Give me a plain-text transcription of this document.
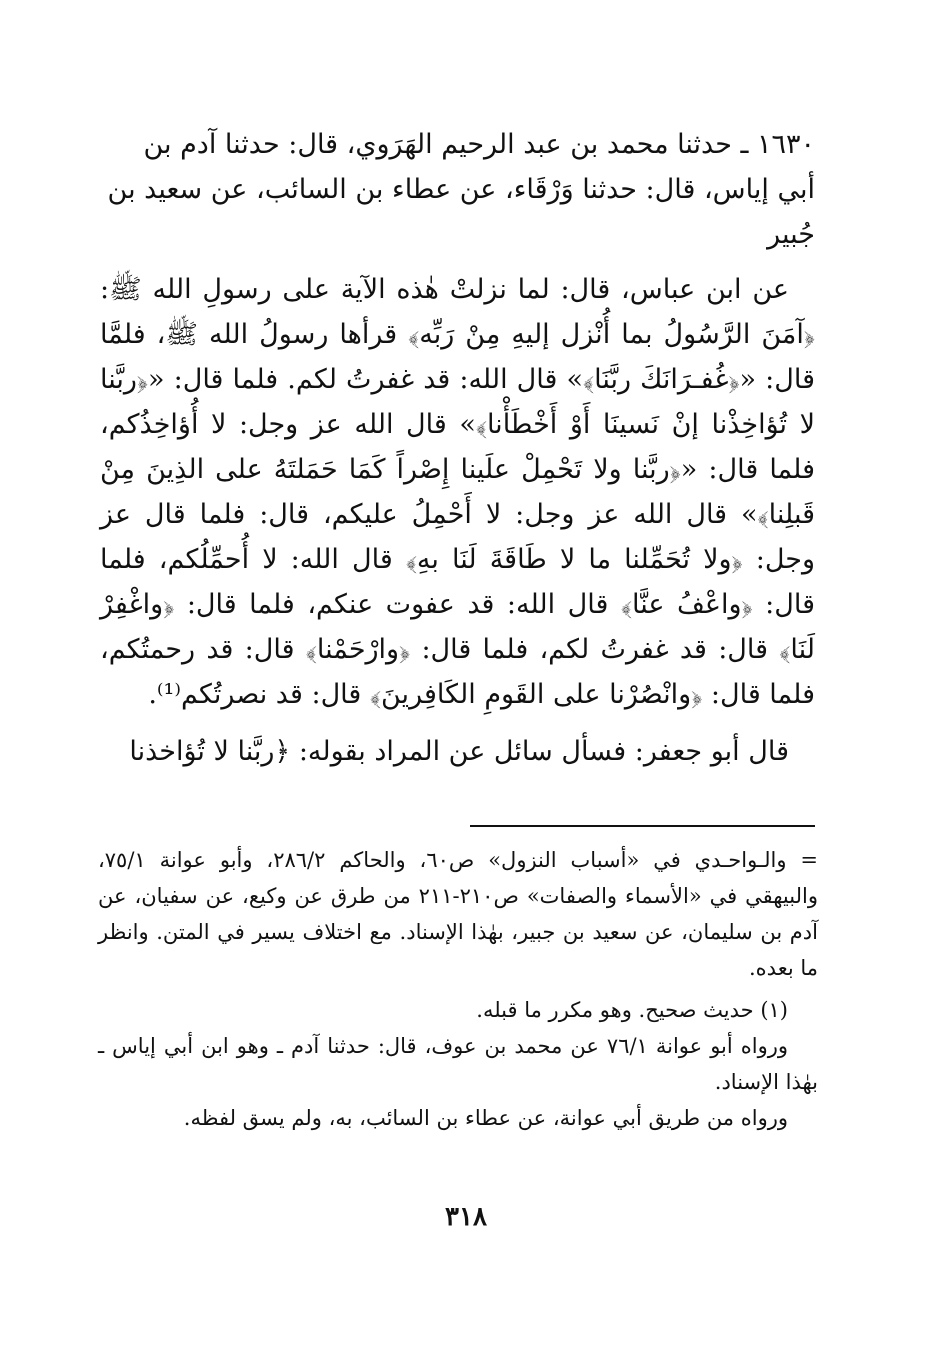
١٦٣٠ ـ حدثنا محمد بن عبد الرحيم الهَرَوي، قال: حدثنا آدم بن
أبي إياس، قال: حدثنا وَرْقَاء، عن عطاء بن السائب، عن سعيد بن
جُبير

عن ابن عباس، قال: لما نزلتْ هٰذه الآية على رسولِ الله ﷺ: ﴿آمَنَ الرَّسُولُ بما أُنْزل إليهِ مِنْ رَبِّه﴾ قرأها رسولُ الله ﷺ، فلمَّا قال: «﴿غُفـرَانَكَ ربَّنَا﴾» قال الله: قد غفرتُ لكم. فلما قال: «﴿ربَّنا لا تُؤاخِذْنا إنْ نَسينَا أَوْ أَخْطَأْنا﴾» قال الله عز وجل: لا أُؤاخِذُكم، فلما قال: «﴿ربَّنا ولا تَحْمِلْ علَينا إِصْراً كَمَا حَمَلتَهُ على الذِينَ مِنْ قَبلِنا﴾» قال الله عز وجل: لا أَحْمِلُ عليكم، قال: فلما قال عز وجل: ﴿ولا تُحَمِّلنا ما لا طَاقَةَ لَنَا بهِ﴾ قال الله: لا أُحمِّلُكم، فلما قال: ﴿واعْفُ عنَّا﴾ قال الله: قد عفوت عنكم، فلما قال: ﴿واغْفِرْ لَنَا﴾ قال: قد غفرتُ لكم، فلما قال: ﴿وارْحَمْنا﴾ قال: قد رحمتُكم، فلما قال: ﴿وانْصُرْنا على القَومِ الكَافِرينَ﴾ قال: قد نصرتُكم⁽¹⁾.

قال أبو جعفر: فسأل سائل عن المراد بقوله: ﴿ربَّنا لا تُؤاخذنا

= والـواحـدي في «أسباب النزول» ص٦٠، والحاكم ٢٨٦/٢، وأبو عوانة ٧٥/١، والبيهقي في «الأسماء والصفات» ص٢١٠-٢١١ من طرق عن وكيع، عن سفيان، عن آدم بن سليمان، عن سعيد بن جبير، بهٰذا الإسناد. مع اختلاف يسير في المتن. وانظر ما بعده.

(١) حديث صحيح. وهو مكرر ما قبله.

ورواه أبو عوانة ٧٦/١ عن محمد بن عوف، قال: حدثنا آدم ـ وهو ابن أبي إياس ـ بهٰذا الإسناد.

ورواه من طريق أبي عوانة، عن عطاء بن السائب، به، ولم يسق لفظه.

٣١٨
